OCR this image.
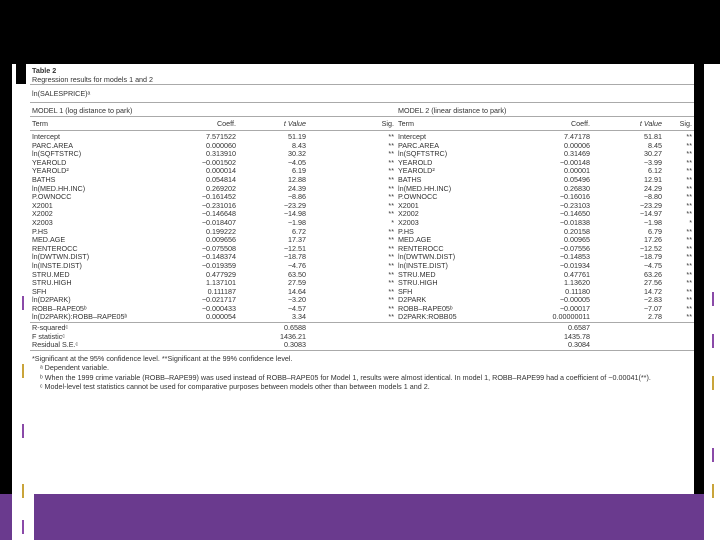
Table 2
Regression results for models 1 and 2
ln(SALESPRICE)ᵃ
MODEL 1 (log distance to park)	MODEL 2 (linear distance to park)
Term	Coeff.	t Value	Sig.	Term	Coeff.	t Value	Sig.
Intercept	7.571522	51.19	**	Intercept	7.47178	51.81	**
PARC.AREA	0.000060	8.43	**	PARC.AREA	0.00006	8.45	**
ln(SQFTSTRC)	0.313910	30.32	**	ln(SQFTSTRC)	0.31469	30.27	**
YEAROLD	−0.001502	−4.05	**	YEAROLD	−0.00148	−3.99	**
YEAROLD²	0.000014	6.19	**	YEAROLD²	0.00001	6.12	**
BATHS	0.054814	12.88	**	BATHS	0.05496	12.91	**
ln(MED.HH.INC)	0.269202	24.39	**	ln(MED.HH.INC)	0.26830	24.29	**
P.OWNOCC	−0.161452	−8.86	**	P.OWNOCC	−0.16016	−8.80	**
X2001	−0.231016	−23.29	**	X2001	−0.23103	−23.29	**
X2002	−0.146648	−14.98	**	X2002	−0.14650	−14.97	**
X2003	−0.018407	−1.98	*	X2003	−0.01838	−1.98	*
P.HS	0.199222	6.72	**	P.HS	0.20158	6.79	**
MED.AGE	0.009656	17.37	**	MED.AGE	0.00965	17.26	**
RENTEROCC	−0.075508	−12.51	**	RENTEROCC	−0.07556	−12.52	**
ln(DWTWN.DIST)	−0.148374	−18.78	**	ln(DWTWN.DIST)	−0.14853	−18.79	**
ln(INSTE.DIST)	−0.019359	−4.76	**	ln(INSTE.DIST)	−0.01934	−4.75	**
STRU.MED	0.477929	63.50	**	STRU.MED	0.47761	63.26	**
STRU.HIGH	1.137101	27.59	**	STRU.HIGH	1.13620	27.56	**
SFH	0.111187	14.64	**	SFH	0.11180	14.72	**
ln(D2PARK)	−0.021717	−3.20	**	D2PARK	−0.00005	−2.83	**
ROBB–RAPE05ᵇ	−0.000433	−4.57	**	ROBB–RAPE05ᵇ	−0.00017	−7.07	**
ln(D2PARK):ROBB–RAPE05ᵇ	0.000054	3.34	**	D2PARK:ROBB05	0.00000011	2.78	**
R-squaredᶜ		0.6588			0.6587		
F statisticᶜ		1436.21			1435.78		
Residual S.E.ᶜ		0.3083			0.3084		
*Significant at the 95% confidence level. **Significant at the 99% confidence level.
ᵃ Dependent variable.
ᵇ When the 1999 crime variable (ROBB–RAPE99) was used instead of ROBB–RAPE05 for Model 1, results were almost identical. In model 1, ROBB–RAPE99 had a coefficient of −0.00041(**).
ᶜ Model-level test statistics cannot be used for comparative purposes between models other than between models 1 and 2.
